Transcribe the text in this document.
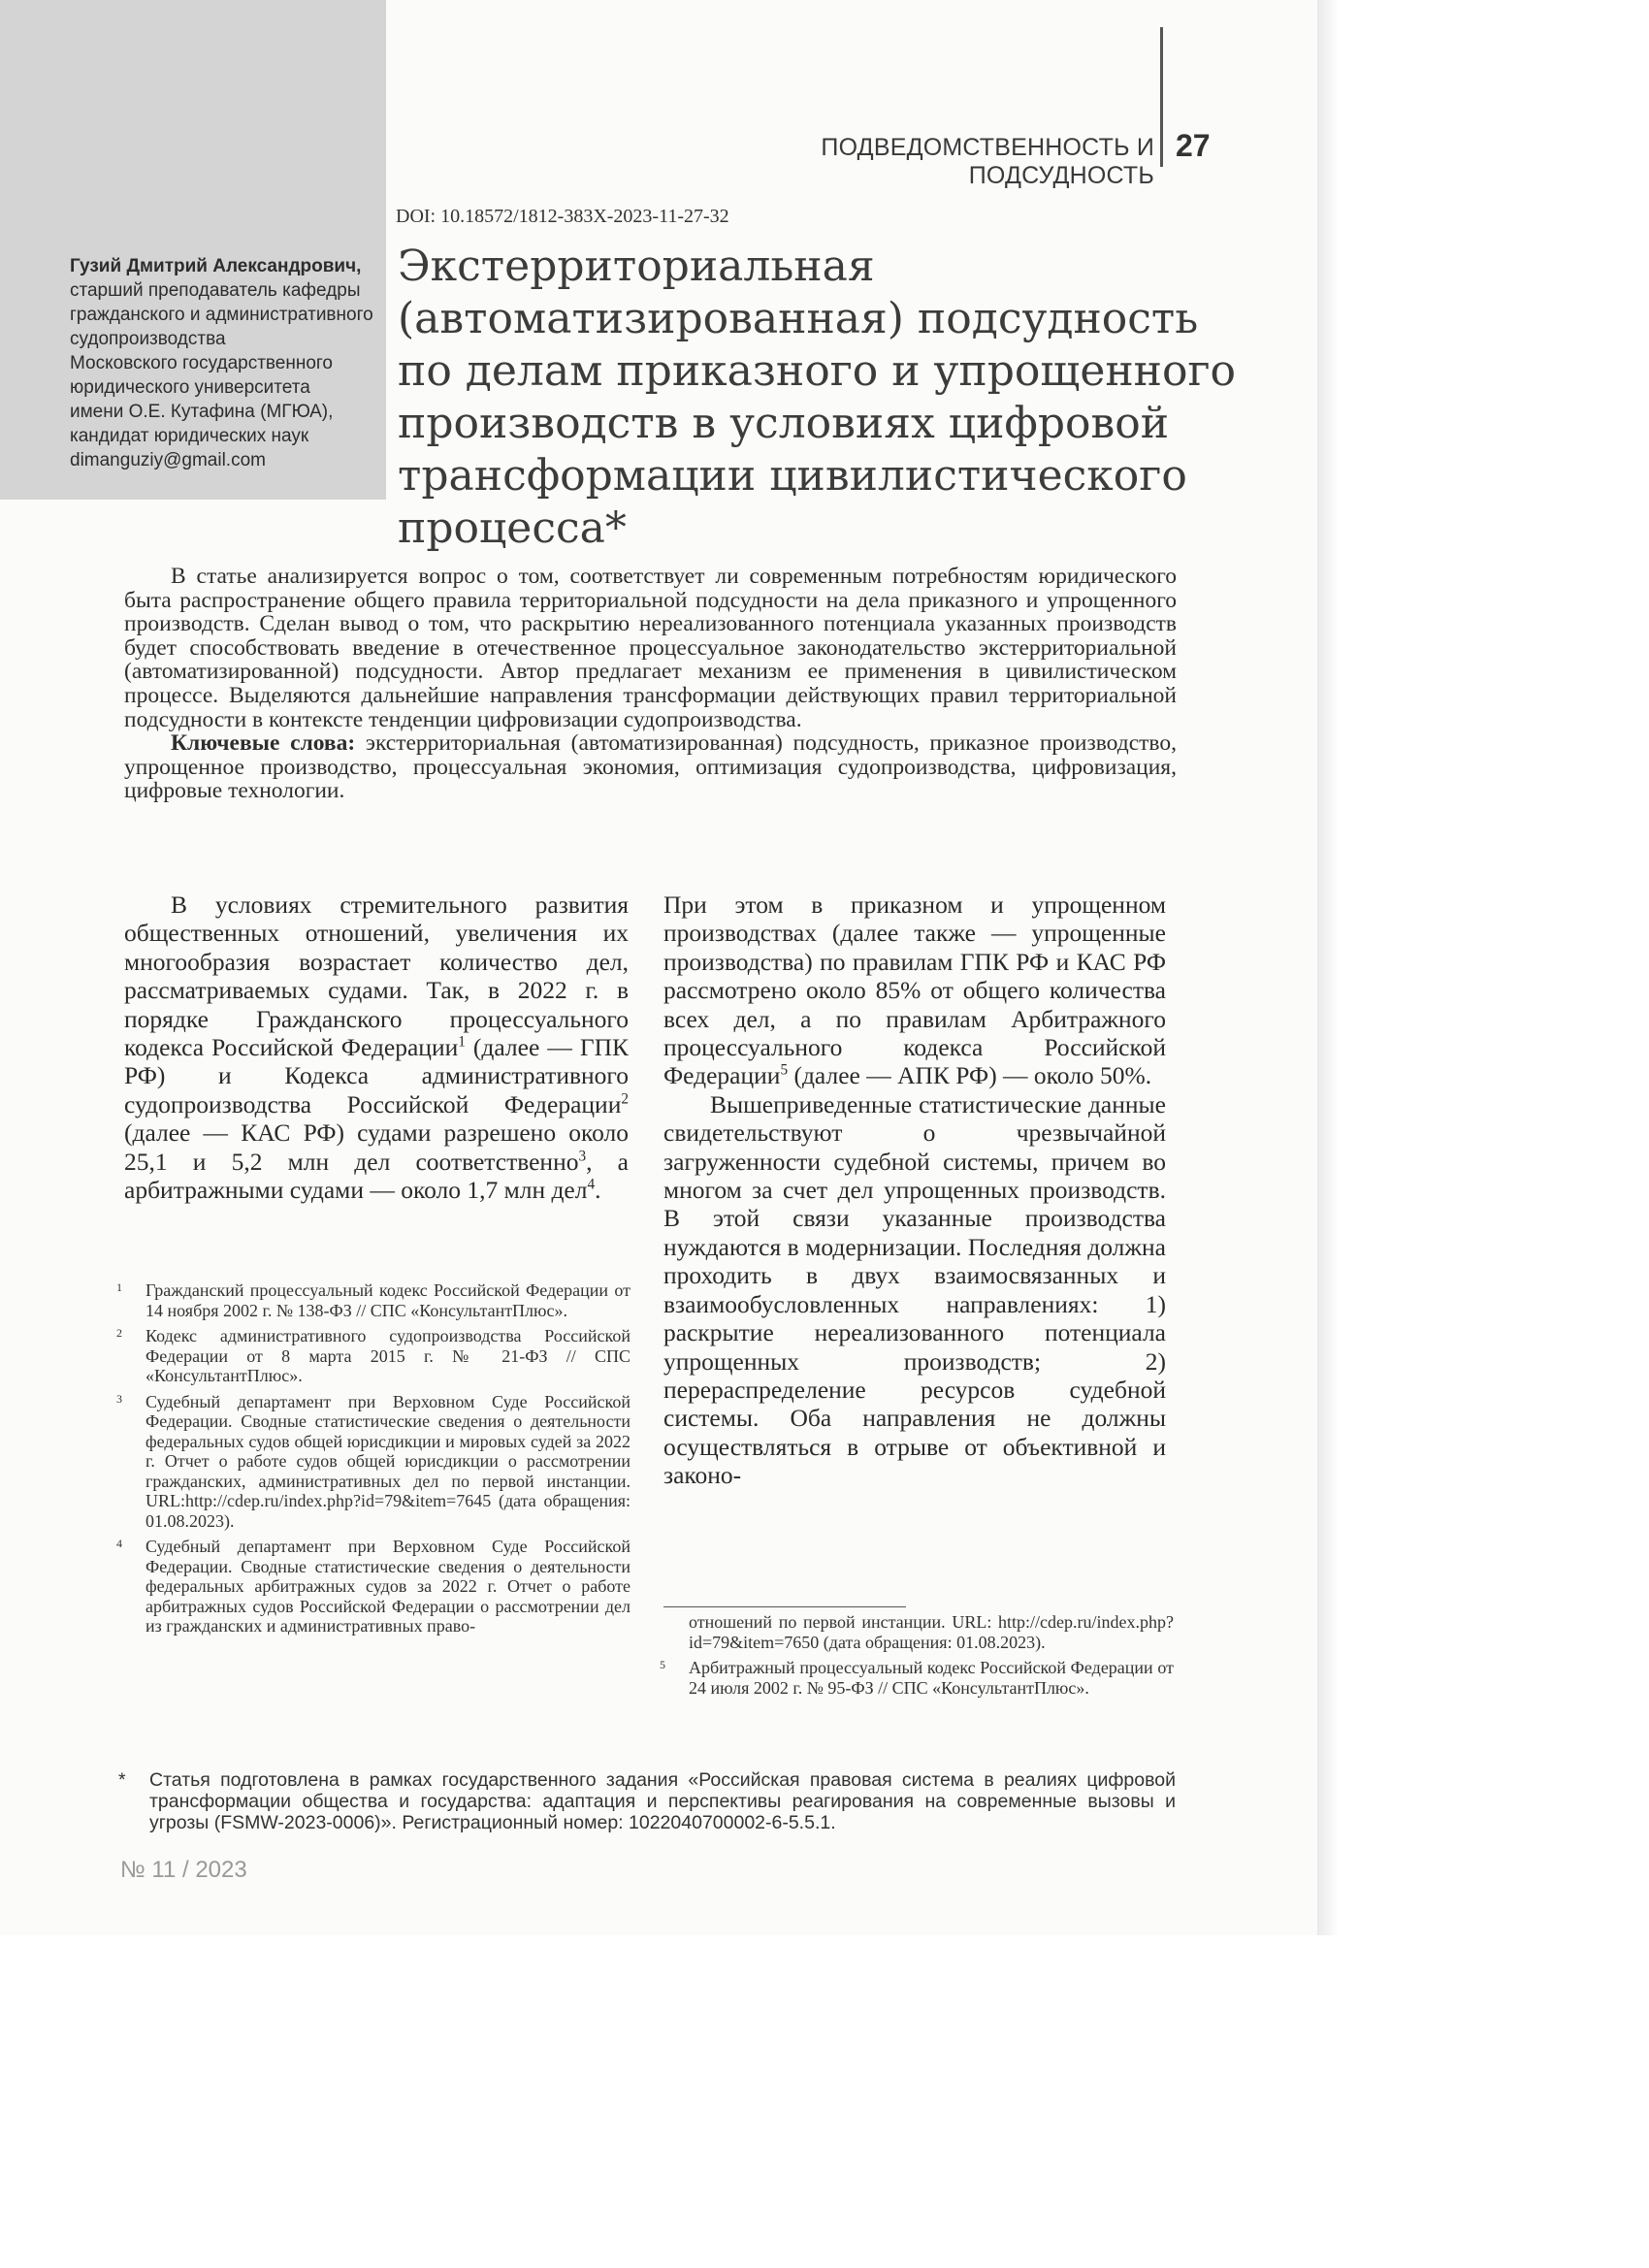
Гузий Дмитрий Александрович,
старший преподаватель кафедры
гражданского и административного
судопроизводства
Московского государственного
юридического университета
имени О.Е. Кутафина (МГЮА),
кандидат юридических наук
dimanguziy@gmail.com
ПОДВЕДОМСТВЕННОСТЬ И ПОДСУДНОСТЬ
27
DOI: 10.18572/1812-383X-2023-11-27-32
Экстерриториальная
(автоматизированная) подсудность
по делам приказного и упрощенного
производств в условиях цифровой
трансформации цивилистического
процесса*

В статье анализируется вопрос о том, соответствует ли современным потребностям юридического быта распространение общего правила территориальной подсудности на дела приказного и упрощенного производств. Сделан вывод о том, что раскрытию нереализованного потенциала указанных производств будет способствовать введение в отечественное процессуальное законодательство экстерриториальной (автоматизированной) подсудности. Автор предлагает механизм ее применения в цивилистическом процессе. Выделяются дальнейшие направления трансформации действующих правил территориальной подсудности в контексте тенденции цифровизации судопроизводства.

Ключевые слова: экстерриториальная (автоматизированная) подсудность, приказное производство, упрощенное производство, процессуальная экономия, оптимизация судопроизводства, цифровизация, цифровые технологии.

В условиях стремительного развития общественных отношений, увеличения их многообразия возрастает количество дел, рассматриваемых судами. Так, в 2022 г. в порядке Гражданского процессуального кодекса Российской Федерации$^1$ (далее — ГПК РФ) и Кодекса административного судопроизводства Российской Федерации$^2$ (далее — КАС РФ) судами разрешено около 25,1 и 5,2 млн дел соответственно$^3$, а арбитражными судами — около 1,7 млн дел$^4$.

При этом в приказном и упрощенном производствах (далее также — упрощенные производства) по правилам ГПК РФ и КАС РФ рассмотрено около 85% от общего количества всех дел, а по правилам Арбитражного процессуального кодекса Российской Федерации$^5$ (далее — АПК РФ) — около 50%.

Вышеприведенные статистические данные свидетельствуют о чрезвычайной загруженности судебной системы, причем во многом за счет дел упрощенных производств. В этой связи указанные производства нуждаются в модернизации. Последняя должна проходить в двух взаимосвязанных и взаимообусловленных направлениях: 1) раскрытие нереализованного потенциала упрощенных производств; 2) перераспределение ресурсов судебной системы. Оба направления не должны осуществляться в отрыве от объективной и законо-

1 Гражданский процессуальный кодекс Российской Федерации от 14 ноября 2002 г. № 138-ФЗ // СПС «КонсультантПлюс».
2 Кодекс административного судопроизводства Российской Федерации от 8 марта 2015 г. № 21-ФЗ // СПС «КонсультантПлюс».
3 Судебный департамент при Верховном Суде Российской Федерации. Сводные статистические сведения о деятельности федеральных судов общей юрисдикции и мировых судей за 2022 г. Отчет о работе судов общей юрисдикции о рассмотрении гражданских, административных дел по первой инстанции. URL:http://cdep.ru/index.php?id=79&item=7645 (дата обращения: 01.08.2023).
4 Судебный департамент при Верховном Суде Российской Федерации. Сводные статистические сведения о деятельности федеральных арбитражных судов за 2022 г. Отчет о работе арбитражных судов Российской Федерации о рассмотрении дел из гражданских и административных право-	отношений по первой инстанции. URL: http://cdep.ru/index.php?id=79&item=7650 (дата обращения: 01.08.2023).
5 Арбитражный процессуальный кодекс Российской Федерации от 24 июля 2002 г. № 95-ФЗ // СПС «КонсультантПлюс».
*	Статья подготовлена в рамках государственного задания «Российская правовая система в реалиях цифровой трансформации общества и государства: адаптация и перспективы реагирования на современные вызовы и угрозы (FSMW-2023-0006)». Регистрационный номер: 1022040700002-6-5.5.1.
№ 11 / 2023
